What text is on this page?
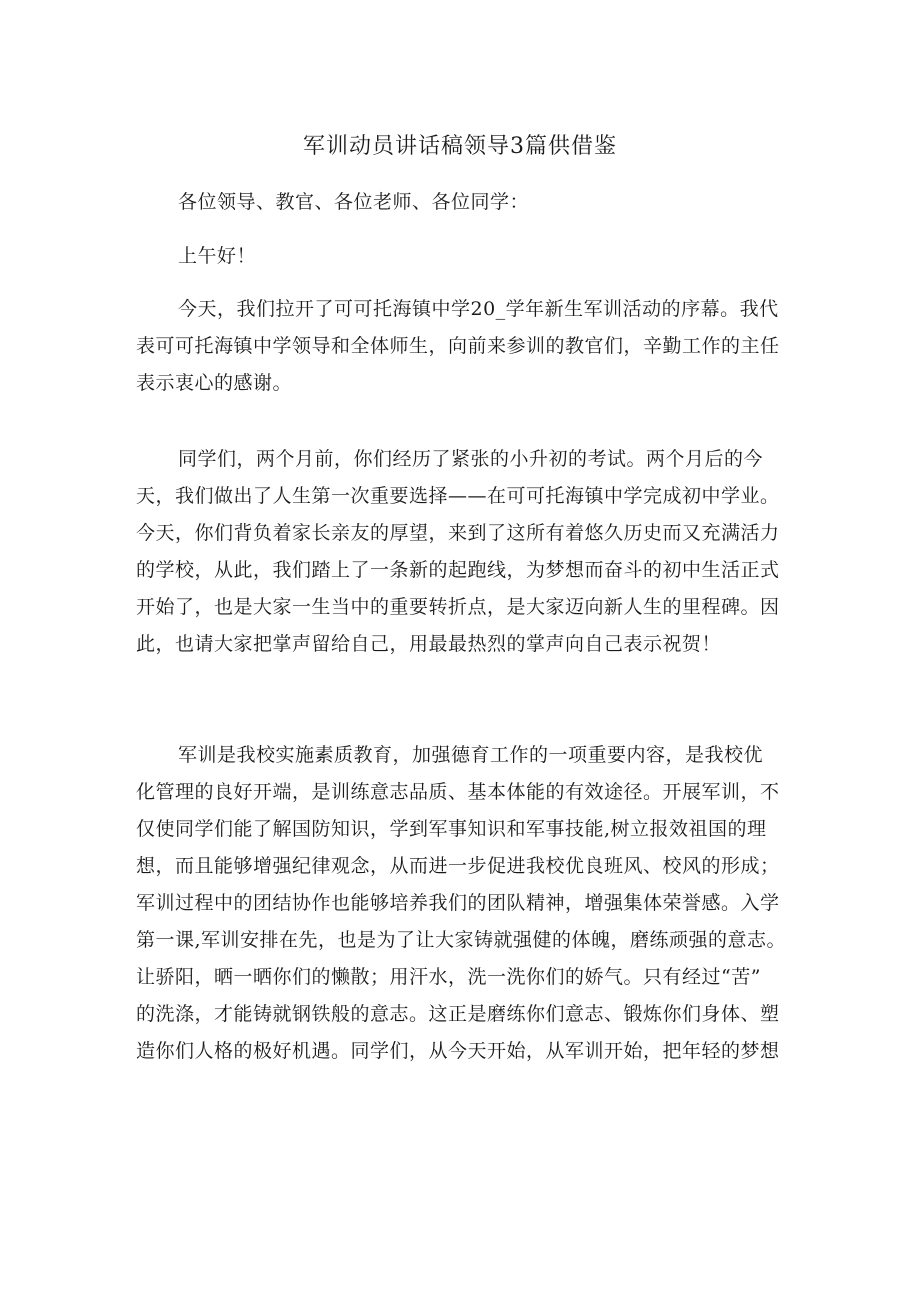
军训动员讲话稿领导3篇供借鉴
各位领导、教官、各位老师、各位同学：
上午好！
今天，我们拉开了可可托海镇中学20_学年新生军训活动的序幕。我代
表可可托海镇中学领导和全体师生，向前来参训的教官们，辛勤工作的主任
表示衷心的感谢。
同学们，两个月前，你们经历了紧张的小升初的考试。两个月后的今
天，我们做出了人生第一次重要选择——在可可托海镇中学完成初中学业。
今天，你们背负着家长亲友的厚望，来到了这所有着悠久历史而又充满活力
的学校，从此，我们踏上了一条新的起跑线，为梦想而奋斗的初中生活正式
开始了，也是大家一生当中的重要转折点，是大家迈向新人生的里程碑。因
此，也请大家把掌声留给自己，用最最热烈的掌声向自己表示祝贺！
军训是我校实施素质教育，加强德育工作的一项重要内容，是我校优
化管理的良好开端，是训练意志品质、基本体能的有效途径。开展军训，不
仅使同学们能了解国防知识，学到军事知识和军事技能,树立报效祖国的理
想，而且能够增强纪律观念，从而进一步促进我校优良班风、校风的形成；
军训过程中的团结协作也能够培养我们的团队精神，增强集体荣誉感。入学
第一课,军训安排在先，也是为了让大家铸就强健的体魄，磨练顽强的意志。
让骄阳，晒一晒你们的懒散；用汗水，洗一洗你们的娇气。只有经过“苦”
的洗涤，才能铸就钢铁般的意志。这正是磨练你们意志、锻炼你们身体、塑
造你们人格的极好机遇。同学们，从今天开始，从军训开始，把年轻的梦想
